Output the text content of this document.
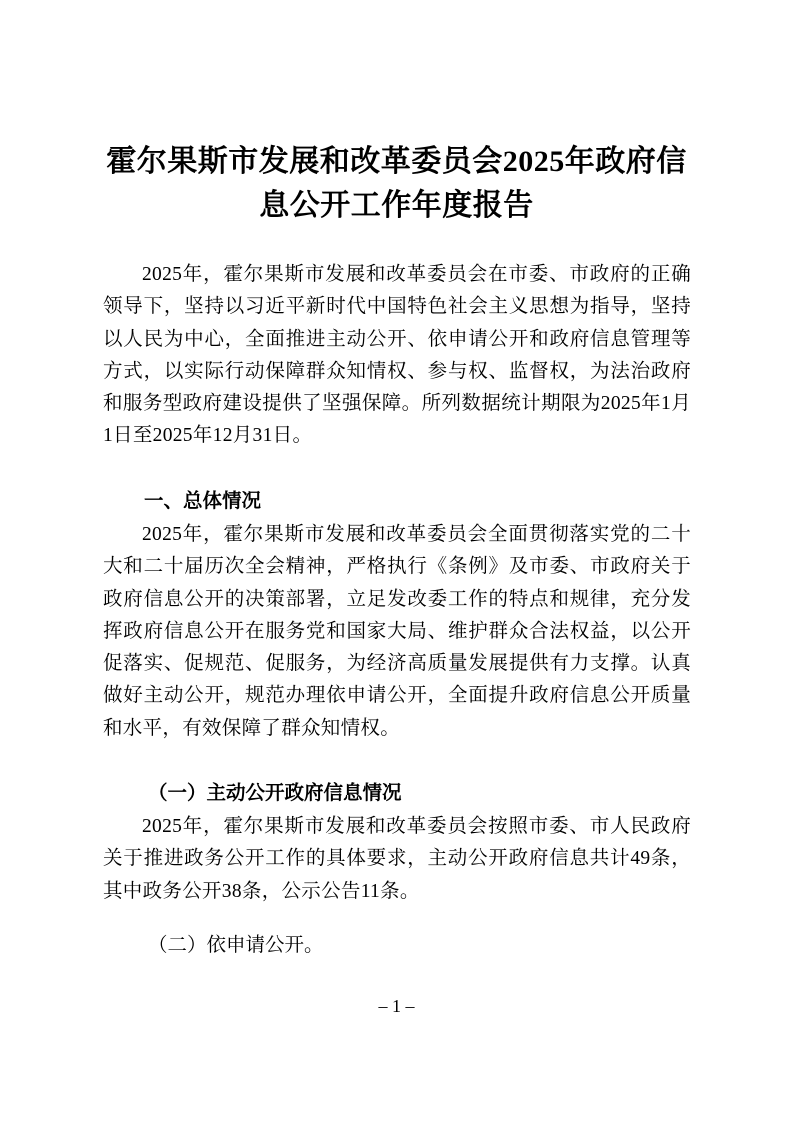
霍尔果斯市发展和改革委员会2025年政府信息公开工作年度报告

2025年，霍尔果斯市发展和改革委员会在市委、市政府的正确领导下，坚持以习近平新时代中国特色社会主义思想为指导，坚持以人民为中心，全面推进主动公开、依申请公开和政府信息管理等方式，以实际行动保障群众知情权、参与权、监督权，为法治政府和服务型政府建设提供了坚强保障。所列数据统计期限为2025年1月1日至2025年12月31日。

一、总体情况

2025年，霍尔果斯市发展和改革委员会全面贯彻落实党的二十大和二十届历次全会精神，严格执行《条例》及市委、市政府关于政府信息公开的决策部署，立足发改委工作的特点和规律，充分发挥政府信息公开在服务党和国家大局、维护群众合法权益，以公开促落实、促规范、促服务，为经济高质量发展提供有力支撑。认真做好主动公开，规范办理依申请公开，全面提升政府信息公开质量和水平，有效保障了群众知情权。

（一）主动公开政府信息情况

2025年，霍尔果斯市发展和改革委员会按照市委、市人民政府关于推进政务公开工作的具体要求，主动公开政府信息共计49条，其中政务公开38条，公示公告11条。

（二）依申请公开。

– 1 –
